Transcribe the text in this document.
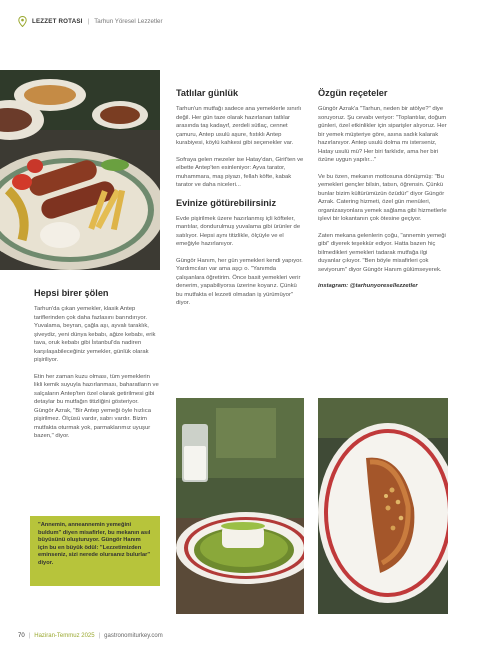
LEZZET ROTASI | Tarhun Yöresel Lezzetler
Hepsi birer şölen

Tarhun'da çıkan yemekler, klasik Antep tariflerinden çok daha fazlasını barındırıyor. Yuvalama, beyran, çağla aşı, ayvalı taraklık, şiveydiz, yeni dünya kebabı, ağize kebabı, erik tava, oruk kebabı gibi İstanbul'da nadiren karşılaşabileceğiniz yemekler, günlük olarak pişiriliyor.

Etin her zaman kuzu olması, tüm yemeklerin likli kemik suyuyla hazırlanması, baharatların ve salçaların Antep'ten özel olarak getirilmesi gibi detaylar bu mutfağın titizliğini gösteriyor. Güngör Azrak, "Bir Antep yemeği öyle hızlıca pişirilmez. Ölçüsü vardır, sabrı vardır. Bizim mutfakta oturmak yok, parmaklarımız uyuşur bazen," diyor.

"Annemin, anneannemin yemeğini buldum" diyen misafirler, bu mekanın asıl büyüsünü oluşturuyor. Güngör Hanım için bu en büyük ödül: "Lezzetimizden eminseniz, sizi nerede olursanız bulurlar" diyor.
Tatlılar günlük

Tarhun'un mutfağı sadece ana yemeklerle sınırlı değil. Her gün taze olarak hazırlanan tatlılar arasında taş kadayıf, zerdeli sütlaç, cennet çamuru, Antep usulü aşure, fıstıklı Antep kurabiyesi, köylü kahkesi gibi seçenekler var.

Sofraya gelen mezeler ise Hatay'dan, Girit'ten ve elbette Antep'ten esinleniyor: Ayva tarator, muhammara, maş piyazı, fellah köfte, kabak tarator ve daha niceleri...

Evinize götürebilirsiniz

Evde pişirilmek üzere hazırlanmış içli köfteler, mantılar, dondurulmuş yuvalama gibi ürünler de satılıyor. Hepsi aynı titizlikle, ölçüyle ve el emeğiyle hazırlanıyor.

Güngör Hanım, her gün yemekleri kendi yapıyor. Yardımcıları var ama aşçı o. "Yanımda çalışanlara öğretirim. Önce basit yemekleri verir denerim, yapabiliyorsa üzerine koyarız. Çünkü bu mutfakta el lezzeti olmadan iş yürümüyor" diyor.

Özgün reçeteler

Güngör Azrak'a "Tarhun, neden bir atölye?" diye soruyoruz. Şu cevabı veriyor: "Toplantılar, doğum günleri, özel etkinlikler için siparişler alıyoruz. Her bir yemek müşteriye göre, asına sadık kalarak hazırlanıyor. Antep usulü dolma mı isterseniz, Hatay usulü mü? Her biri farklıdır, ama her biri özüne uygun yapılır..."

Ve bu özen, mekanın mottosuna dönüşmüş: "Bu yemekleri gençler bilsin, tatsın, öğrensin. Çünkü bunlar bizim kültürümüzün özüdür" diyor Güngör Azrak. Catering hizmeti, özel gün menüleri, organizasyonlara yemek sağlama gibi hizmetlerle işlevi bir lokantanın çok ötesine geçiyor.

Zaten mekana gelenlerin çoğu, "annemin yemeği gibi" diyerek teşekkür ediyor. Hatta bazen hiç bilmedikleri yemekleri tadarak mutfağa ilgi duyanlar çıkıyor. "Ben böyle misafirleri çok seviyorum" diyor Güngör Hanım gülümseyerek.

instagram: @tarhunyoresellezzetler

70 | Haziran-Temmuz 2025 | gastronomiturkey.com
